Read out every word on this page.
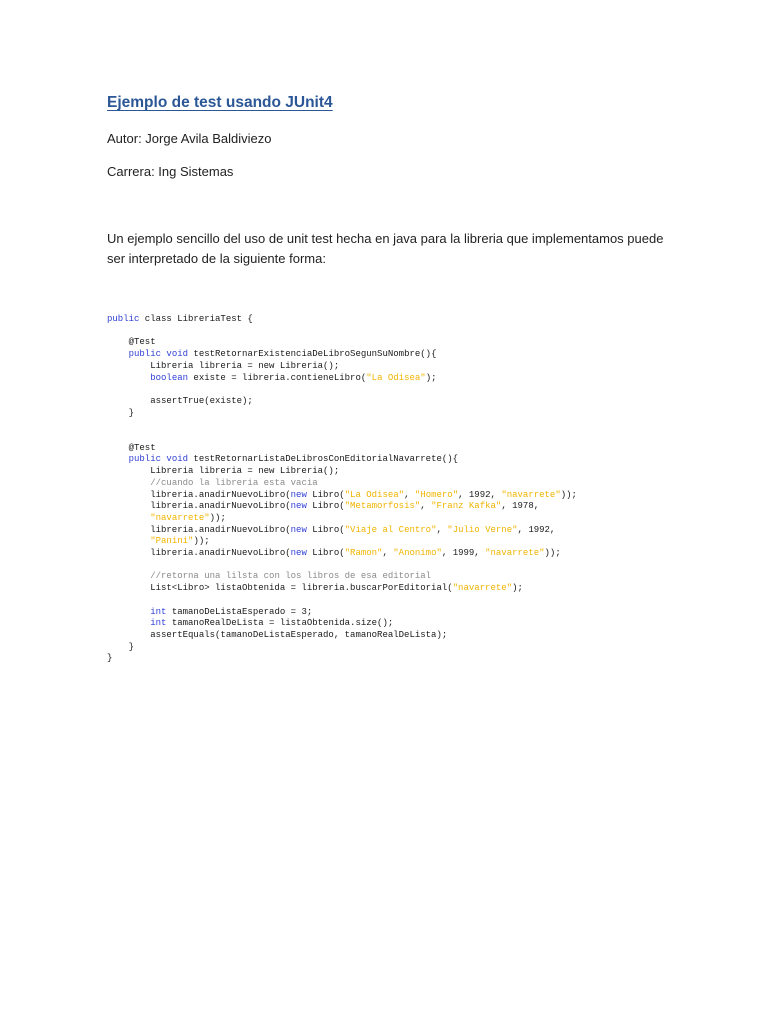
Ejemplo de test usando JUnit4
Autor: Jorge Avila Baldiviezo
Carrera: Ing Sistemas
Un ejemplo sencillo del uso de unit test hecha en java para la libreria que implementamos puede ser interpretado de la siguiente forma:
public class LibreriaTest {

@Test
public void testRetornarExistenciaDeLibroSegunSuNombre(){
Libreria libreria = new Libreria();
boolean existe = libreria.contieneLibro("La Odisea");

assertTrue(existe);
}

@Test
public void testRetornarListaDeLibrosConEditorialNavarrete(){
Libreria libreria = new Libreria();
//cuando la libreria esta vacia
libreria.anadirNuevoLibro(new Libro("La Odisea", "Homero", 1992, "navarrete"));
libreria.anadirNuevoLibro(new Libro("Metamorfosis", "Franz Kafka", 1978,
"navarrete"));
libreria.anadirNuevoLibro(new Libro("Viaje al Centro", "Julio Verne", 1992,
"Panini"));
libreria.anadirNuevoLibro(new Libro("Ramon", "Anonimo", 1999, "navarrete"));

//retorna una lilsta con los libros de esa editorial
List<Libro> listaObtenida = libreria.buscarPorEditorial("navarrete");

int tamanoDeListaEsperado = 3;
int tamanoRealDeLista = listaObtenida.size();
assertEquals(tamanoDeListaEsperado, tamanoRealDeLista);
}
}
